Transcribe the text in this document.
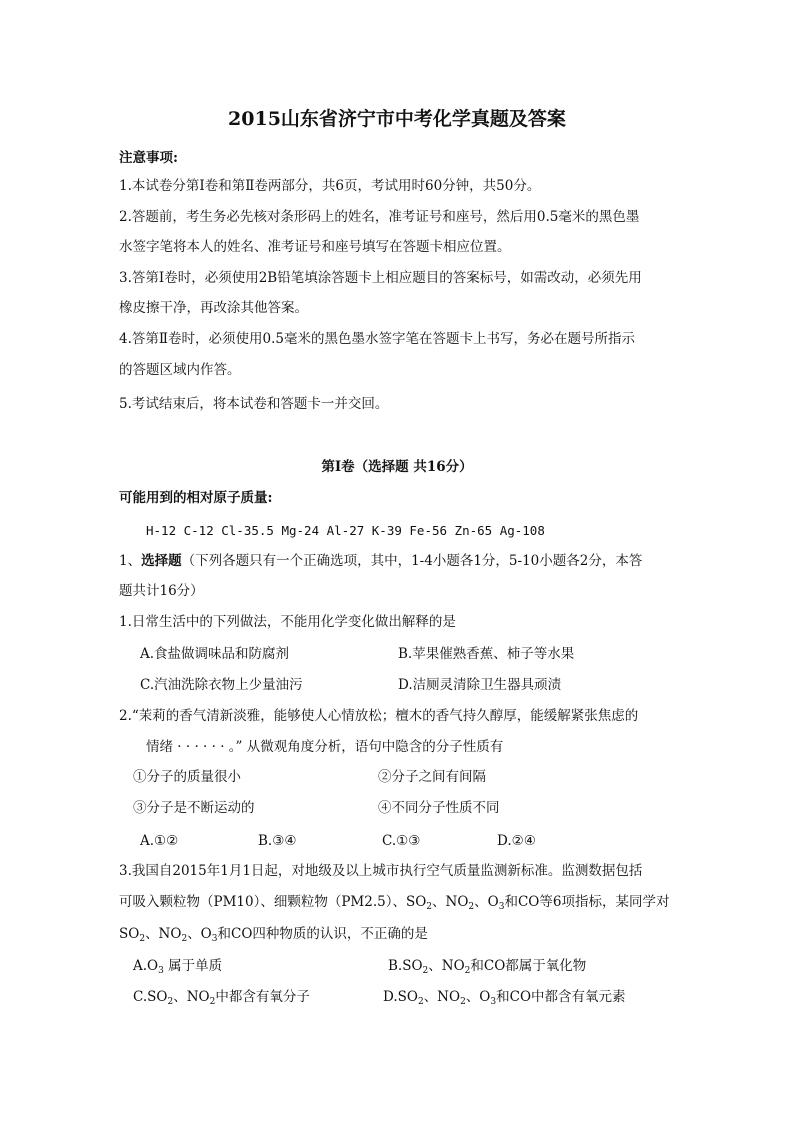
2015山东省济宁市中考化学真题及答案
注意事项:
1.本试卷分第Ⅰ卷和第Ⅱ卷两部分，共6页，考试用时60分钟，共50分。
2.答题前，考生务必先核对条形码上的姓名，准考证号和座号，然后用0.5毫米的黑色墨
水签字笔将本人的姓名、准考证号和座号填写在答题卡相应位置。
3.答第Ⅰ卷时，必须使用2B铅笔填涂答题卡上相应题目的答案标号，如需改动，必须先用
橡皮擦干净，再改涂其他答案。
4.答第Ⅱ卷时，必须使用0.5毫米的黑色墨水签字笔在答题卡上书写，务必在题号所指示
的答题区域内作答。
5.考试结束后，将本试卷和答题卡一并交回。
第Ⅰ卷（选择题 共16分）
可能用到的相对原子质量:
H-12 C-12 Cl-35.5 Mg-24 Al-27 K-39 Fe-56 Zn-65 Ag-108
1、选择题（下列各题只有一个正确选项，其中，1-4小题各1分，5-10小题各2分，本答
题共计16分）
1.日常生活中的下列做法，不能用化学变化做出解释的是
A.食盐做调味品和防腐剂	B.苹果催熟香蕉、柿子等水果
C.汽油洗除衣物上少量油污	D.洁厕灵清除卫生器具顽渍
2.“茉莉的香气清新淡雅，能够使人心情放松；檀木的香气持久醇厚，能缓解紧张焦虑的
情绪 · · · · · · 。” 从微观角度分析，语句中隐含的分子性质有
①分子的质量很小	②分子之间有间隔
③分子是不断运动的	④不同分子性质不同
A.①②	B.③④	C.①③	D.②④
3.我国自2015年1月1日起，对地级及以上城市执行空气质量监测新标准。监测数据包括
可吸入颗粒物（PM10）、细颗粒物（PM2.5）、$SO_2$、$NO_2$、$O_3$和CO等6项指标，某同学对
$SO_2$、$NO_2$、$O_3$和CO四种物质的认识，不正确的是
$A.O_3$ 属于单质	$B.SO_2$、$NO_2$和CO都属于氧化物
$C.SO_2$、$NO_2$中都含有氧分子	$D.SO_2$、$NO_2$、$O_3$和CO中都含有氧元素
